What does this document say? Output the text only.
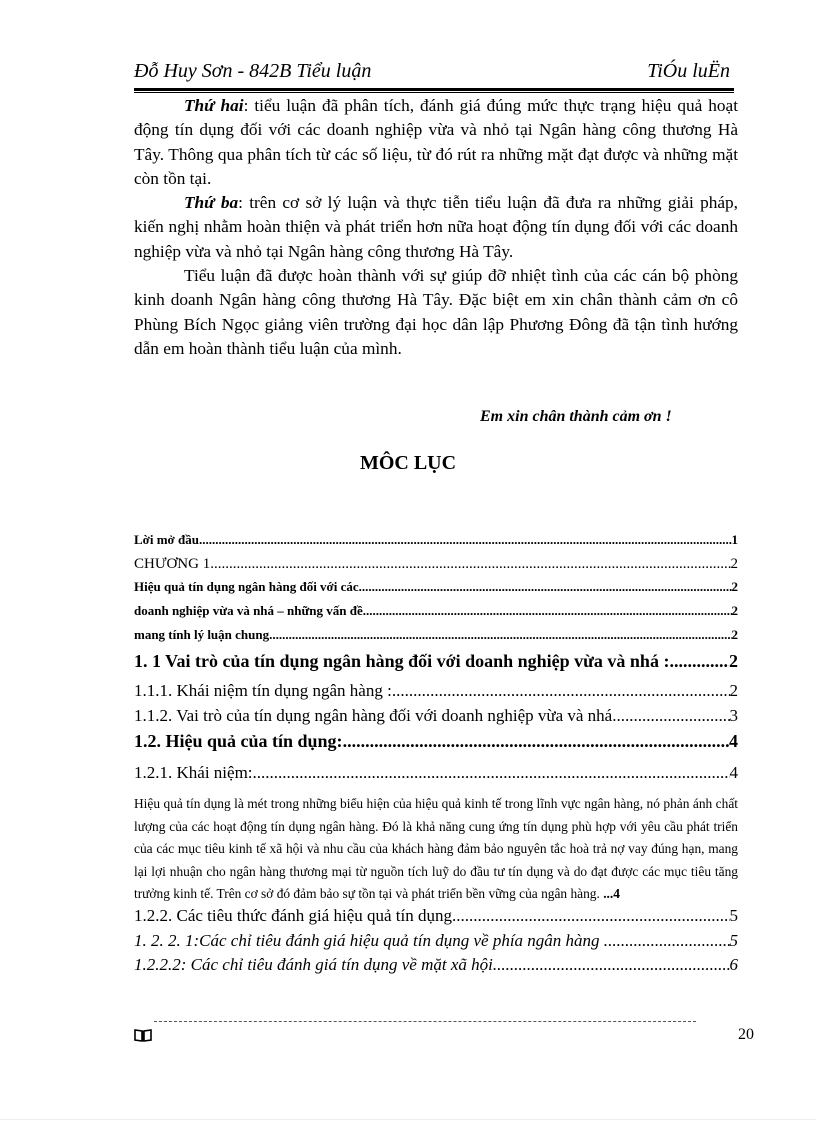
Đỗ Huy Sơn - 842B Tiểu luận	TiÓu luËn

Thứ hai: tiểu luận đã phân tích, đánh giá đúng mức thực trạng hiệu quả hoạt động tín dụng đối với các doanh nghiệp vừa và nhỏ tại Ngân hàng công thương Hà Tây. Thông qua phân tích từ các số liệu, từ đó rút ra những mặt đạt được và những mặt còn tồn tại.

Thứ ba: trên cơ sở lý luận và thực tiễn tiểu luận đã đưa ra những giải pháp, kiến nghị nhằm hoàn thiện và phát triển hơn nữa hoạt động tín dụng đối với các doanh nghiệp vừa và nhỏ tại Ngân hàng công thương Hà Tây.

Tiểu luận đã được hoàn thành với sự giúp đỡ nhiệt tình của các cán bộ phòng kinh doanh Ngân hàng công thương Hà Tây. Đặc biệt em xin chân thành cảm ơn cô Phùng Bích Ngọc giảng viên trường đại học dân lập Phương Đông đã tận tình hướng dẫn em hoàn thành tiểu luận của mình.

Em xin chân thành cảm ơn !
MÔC LỤC
Lời mở đầu .....	1
CHƯƠNG 1 .....	2
Hiệu quả tín dụng ngân hàng đối với các .....	2
doanh nghiệp vừa và nhá – những vấn đề .....	2
mang tính lý luận chung. .....	2
1. 1 Vai trò của tín dụng ngân hàng đối với doanh nghiệp vừa và nhá : .....	2
1.1.1. Khái niệm tín dụng ngân hàng : .....	2
1.1.2. Vai trò của tín dụng ngân hàng đối với doanh nghiệp vừa và nhá. .....	3
1.2. Hiệu quả của tín dụng: .....	4
1.2.1. Khái niệm: .....	4
Hiệu quả tín dụng là mét trong những biểu hiện của hiệu quả kinh tế trong lĩnh vực ngân hàng, nó phản ánh chất lượng của các hoạt động tín dụng ngân hàng. Đó là khả năng cung ứng tín dụng phù hợp với yêu cầu phát triển của các mục tiêu kinh tế xã hội và nhu cầu của khách hàng đảm bảo nguyên tắc hoà trả nợ vay đúng hạn, mang lại lợi nhuận cho ngân hàng thương mại từ nguồn tích luỹ do đầu tư tín dụng và do đạt được các mục tiêu tăng trưởng kinh tế. Trên cơ sở đó đảm bảo sự tồn tại và phát triển bền vững của ngân hàng. ...4
1.2.2. Các tiêu thức đánh giá hiệu quả tín dụng. .....	5
1. 2. 2. 1:Các chỉ tiêu đánh giá hiệu quả tín dụng về phía ngân hàng . .....	5
1.2.2.2: Các chỉ tiêu đánh giá tín dụng về mặt xã hội. .....	6
20
